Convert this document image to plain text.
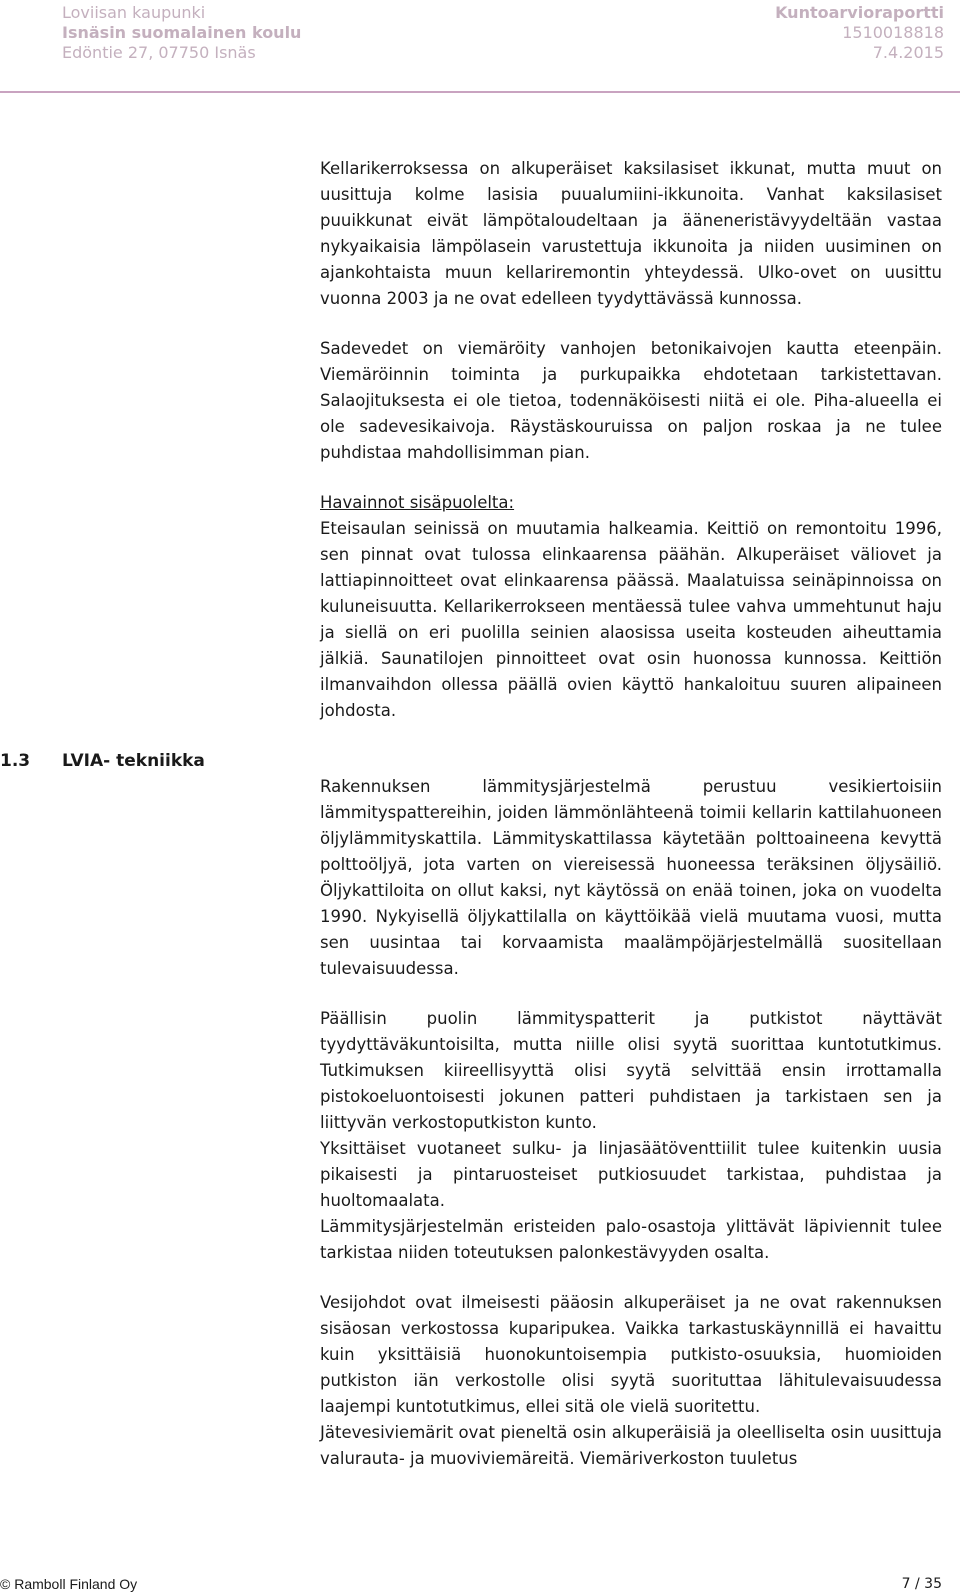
Loviisan kaupunki
Isnäsin suomalainen koulu
Edöntie 27, 07750 Isnäs
Kuntoarvioraportti
1510018818
7.4.2015

Kellarikerroksessa on alkuperäiset kaksilasiset ikkunat, mutta muut on uusittuja kolme lasisia puualumiini-ikkunoita. Vanhat kaksilasiset puuikkunat eivät lämpötaloudeltaan ja ääneneristävyydeltään vastaa nykyaikaisia lämpölasein varustettuja ikkunoita ja niiden uusiminen on ajankohtaista muun kellariremontin yhteydessä. Ulko-ovet on uusittu vuonna 2003 ja ne ovat edelleen tyydyttävässä kunnossa.

Sadevedet on viemäröity vanhojen betonikaivojen kautta eteenpäin. Viemäröinnin toiminta ja purkupaikka ehdotetaan tarkistettavan. Salaojituksesta ei ole tietoa, todennäköisesti niitä ei ole. Piha-alueella ei ole sadevesikaivoja. Räystäskouruissa on paljon roskaa ja ne tulee puhdistaa mahdollisimman pian.

Havainnot sisäpuolelta:

Eteisaulan seinissä on muutamia halkeamia. Keittiö on remontoitu 1996, sen pinnat ovat tulossa elinkaarensa päähän. Alkuperäiset väliovet ja lattiapinnoitteet ovat elinkaarensa päässä. Maalatuissa seinäpinnoissa on kuluneisuutta. Kellarikerrokseen mentäessä tulee vahva ummehtunut haju ja siellä on eri puolilla seinien alaosissa useita kosteuden aiheuttamia jälkiä. Saunatilojen pinnoitteet ovat osin huonossa kunnossa. Keittiön ilmanvaihdon ollessa päällä ovien käyttö hankaloituu suuren alipaineen johdosta.

1.3 LVIA- tekniikka

Rakennuksen lämmitysjärjestelmä perustuu vesikiertoisiin lämmityspattereihin, joiden lämmönlähteenä toimii kellarin kattilahuoneen öljylämmityskattila. Lämmityskattilassa käytetään polttoaineena kevyttä polttoöljyä, jota varten on viereisessä huoneessa teräksinen öljysäiliö. Öljykattiloita on ollut kaksi, nyt käytössä on enää toinen, joka on vuodelta 1990. Nykyisellä öljykattilalla on käyttöikää vielä muutama vuosi, mutta sen uusintaa tai korvaamista maalämpöjärjestelmällä suositellaan tulevaisuudessa.

Päällisin puolin lämmityspatterit ja putkistot näyttävät tyydyttäväkuntoisilta, mutta niille olisi syytä suorittaa kuntotutkimus. Tutkimuksen kiireellisyyttä olisi syytä selvittää ensin irrottamalla pistokoeluontoisesti jokunen patteri puhdistaen ja tarkistaen sen ja liittyvän verkostoputkiston kunto.

Yksittäiset vuotaneet sulku- ja linjasäätöventtiilit tulee kuitenkin uusia pikaisesti ja pintaruosteiset putkiosuudet tarkistaa, puhdistaa ja huoltomaalata.

Lämmitysjärjestelmän eristeiden palo-osastoja ylittävät läpiviennit tulee tarkistaa niiden toteutuksen palonkestävyyden osalta.

Vesijohdot ovat ilmeisesti pääosin alkuperäiset ja ne ovat rakennuksen sisäosan verkostossa kuparipukea. Vaikka tarkastuskäynnillä ei havaittu kuin yksittäisiä huonokuntoisempia putkisto-osuuksia, huomioiden putkiston iän verkostolle olisi syytä suorituttaa lähitulevaisuudessa laajempi kuntotutkimus, ellei sitä ole vielä suoritettu.

Jätevesiviemärit ovat pieneltä osin alkuperäisiä ja oleelliselta osin uusittuja valurauta- ja muoviviemäreitä. Viemäriverkoston tuuletus

© Ramboll Finland Oy	7 / 35
